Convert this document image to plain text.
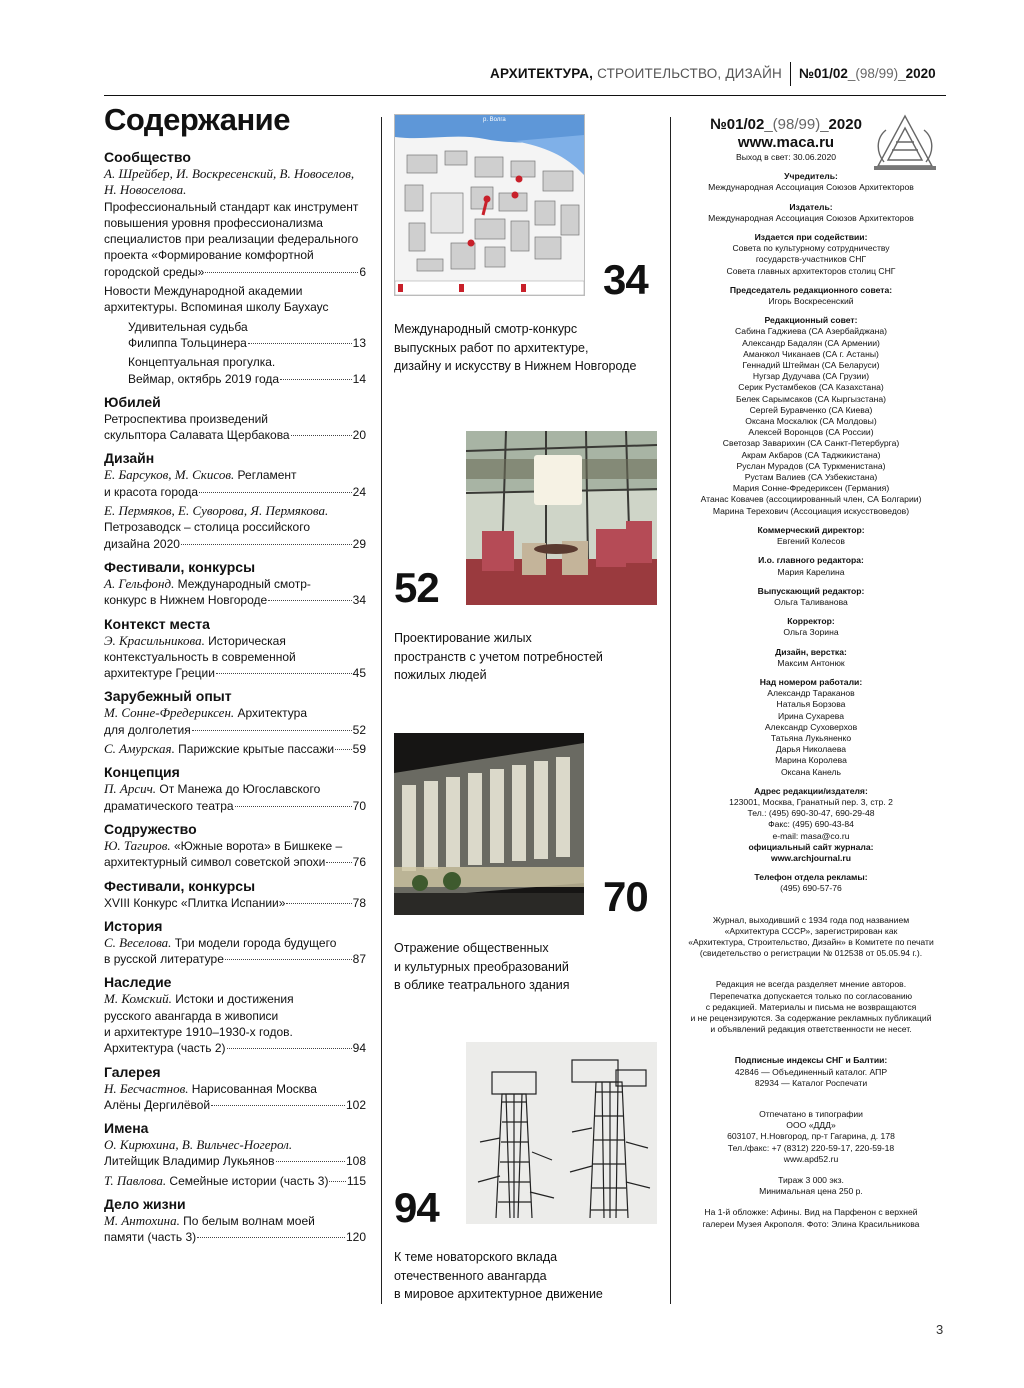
АРХИТЕКТУРА, СТРОИТЕЛЬСТВО, ДИЗАЙН №01/02_(98/99)_2020
Содержание
Сообщество
А. Шрейбер, И. Воскресенский, В. Новоселов, Н. Новоселова.
Профессиональный стандарт как инструмент повышения уровня профессионализма специалистов при реализации федерального проекта «Формирование комфортной
городской среды»	6
Новости Международной академии архитектуры. Вспоминая школу Баухаус
Удивительная судьба
Филиппа Тольцинера	13
Концептуальная прогулка.
Веймар, октябрь 2019 года	14
Юбилей
Ретроспектива произведений
скульптора Салавата Щербакова	20
Дизайн
Е. Барсуков, М. Скисов. Регламент
и красота города	24
Е. Пермяков, Е. Суворова, Я. Пермякова.
Петрозаводск – столица российского
дизайна 2020	29
Фестивали, конкурсы
А. Гельфонд. Международный смотр-
конкурс в Нижнем Новгороде	34
Контекст места
Э. Красильникова. Историческая
контекстуальность в современной
архитектуре Греции	45
Зарубежный опыт
М. Сонне-Фредериксен. Архитектура
для долголетия	52
С. Амурская. Парижские крытые пассажи 59
Концепция
П. Арсич. От Манежа до Югославского
драматического театра	70
Содружество
Ю. Тагиров. «Южные ворота» в Бишкеке –
архитектурный символ советской эпохи 76
Фестивали, конкурсы
XVIII Конкурс «Плитка Испании»	78
История
С. Веселова. Три модели города будущего
в русской литературе	87
Наследие
М. Комский. Истоки и достижения
русского авангарда в живописи
и архитектуре 1910–1930-х годов.
Архитектура (часть 2)	94
Галерея
Н. Бесчастнов. Нарисованная Москва
Алёны Дергилёвой	102
Имена
О. Кирюхина, В. Вильчес-Ногерол.
Литейщик Владимир Лукьянов	108
Т. Павлова. Семейные истории (часть 3) 115
Дело жизни
М. Антохина. По белым волнам моей
памяти (часть 3)	120
р. Волга
34
Международный смотр-конкурс
выпускных работ по архитектуре,
дизайну и искусству в Нижнем Новгороде
52
Проектирование жилых
пространств с учетом потребностей
пожилых людей
70
Отражение общественных
и культурных преобразований
в облике театрального здания
94
К теме новаторского вклада
отечественного авангарда
в мировое архитектурное движение
№01/02_(98/99)_2020
www.maca.ru
Выход в свет: 30.06.2020
Учредитель:
Международная Ассоциация Союзов Архитекторов
Издатель:
Международная Ассоциация Союзов Архитекторов
Издается при содействии:
Совета по культурному сотрудничеству
государств-участников СНГ
Совета главных архитекторов столиц СНГ
Председатель редакционного совета:
Игорь Воскресенский
Редакционный совет:
Сабина Гаджиева (СА Азербайджана)
Александр Бадалян (СА Армении)
Аманжол Чиканаев (СА г. Астаны)
Геннадий Штейман (СА Беларуси)
Нугзар Дудучава (СА Грузии)
Серик Рустамбеков (СА Казахстана)
Белек Сарымсаков (СА Кыргызстана)
Сергей Буравченко (СА Киева)
Оксана Москалюк (СА Молдовы)
Алексей Воронцов (СА России)
Светозар Заварихин (СА Санкт-Петербурга)
Акрам Акбаров (СА Таджикистана)
Руслан Мурадов (СА Туркменистана)
Рустам Валиев (СА Узбекистана)
Мария Сонне-Фредериксен (Германия)
Атанас Ковачев (ассоциированный член, СА Болгарии)
Марина Терехович (Ассоциация искусствоведов)
Коммерческий директор:
Евгений Колесов
И.о. главного редактора:
Мария Карелина
Выпускающий редактор:
Ольга Таливанова
Корректор:
Ольга Зорина
Дизайн, верстка:
Максим Антонюк
Над номером работали:
Александр Тараканов
Наталья Борзова
Ирина Сухарева
Александр Суховерхов
Татьяна Лукьяненко
Дарья Николаева
Марина Королева
Оксана Канель
Адрес редакции/издателя:
123001, Москва, Гранатный пер. 3, стр. 2
Тел.: (495) 690-30-47, 690-29-48
Факс: (495) 690-43-84
e-mail: masa@co.ru
официальный сайт журнала:
www.archjournal.ru
Телефон отдела рекламы:
(495) 690-57-76
Журнал, выходивший с 1934 года под названием
«Архитектура СССР», зарегистрирован как
«Архитектура, Строительство, Дизайн» в Комитете по печати
(свидетельство о регистрации № 012538 от 05.05.94 г.).
Редакция не всегда разделяет мнение авторов.
Перепечатка допускается только по согласованию
с редакцией. Материалы и письма не возвращаются
и не рецензируются. За содержание рекламных публикаций
и объявлений редакция ответственности не несет.
Подписные индексы СНГ и Балтии:
42846 — Объединенный каталог. АПР
82934 — Каталог Роспечати
Отпечатано в типографии
ООО «ДДД»
603107, Н.Новгород, пр-т Гагарина, д. 178
Тел./факс: +7 (8312) 220-59-17, 220-59-18
www.apd52.ru
Тираж 3 000 экз.
Минимальная цена 250 р.
На 1-й обложке: Афины. Вид на Парфенон с верхней
галереи Музея Акрополя. Фото: Элина Красильникова
3
